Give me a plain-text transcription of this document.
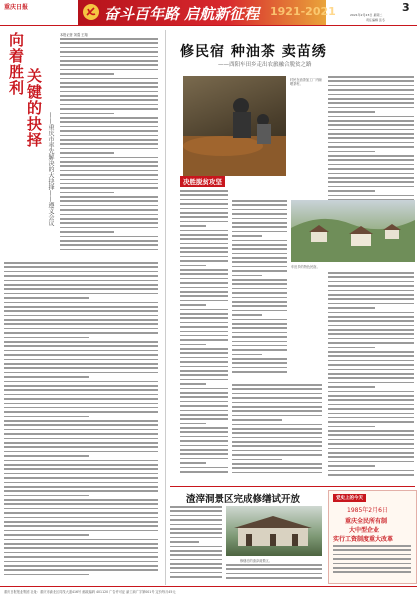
重庆日报	奋斗百年路 启航新征程 1921-2021	3
2021年2月23日 星期二
责任编辑 张冬
向着胜利
关键的抉择
——重庆市率先解决的大抉择——遵义会议
本报记者 刘蓬 王翔
修民宿 种油茶 卖苗绣
——酉阳车田乡走出农旅融合脱贫之路
决胜脱贫攻坚
村民在油茶加工厂内晾晒茶籽。
车田乡的特色民宿。
渣滓洞景区完成修缮试开放
修缮后的渣滓洞景区。
党史上的今天
1985年2月6日
重庆全民所有制
大中型企业
实行工资制度重大改革
重庆日报报业集团 社址：重庆市渝北区同茂大道416号 邮政编码 401120 广告许可证 渝工商广字第001号 定价每月45元
